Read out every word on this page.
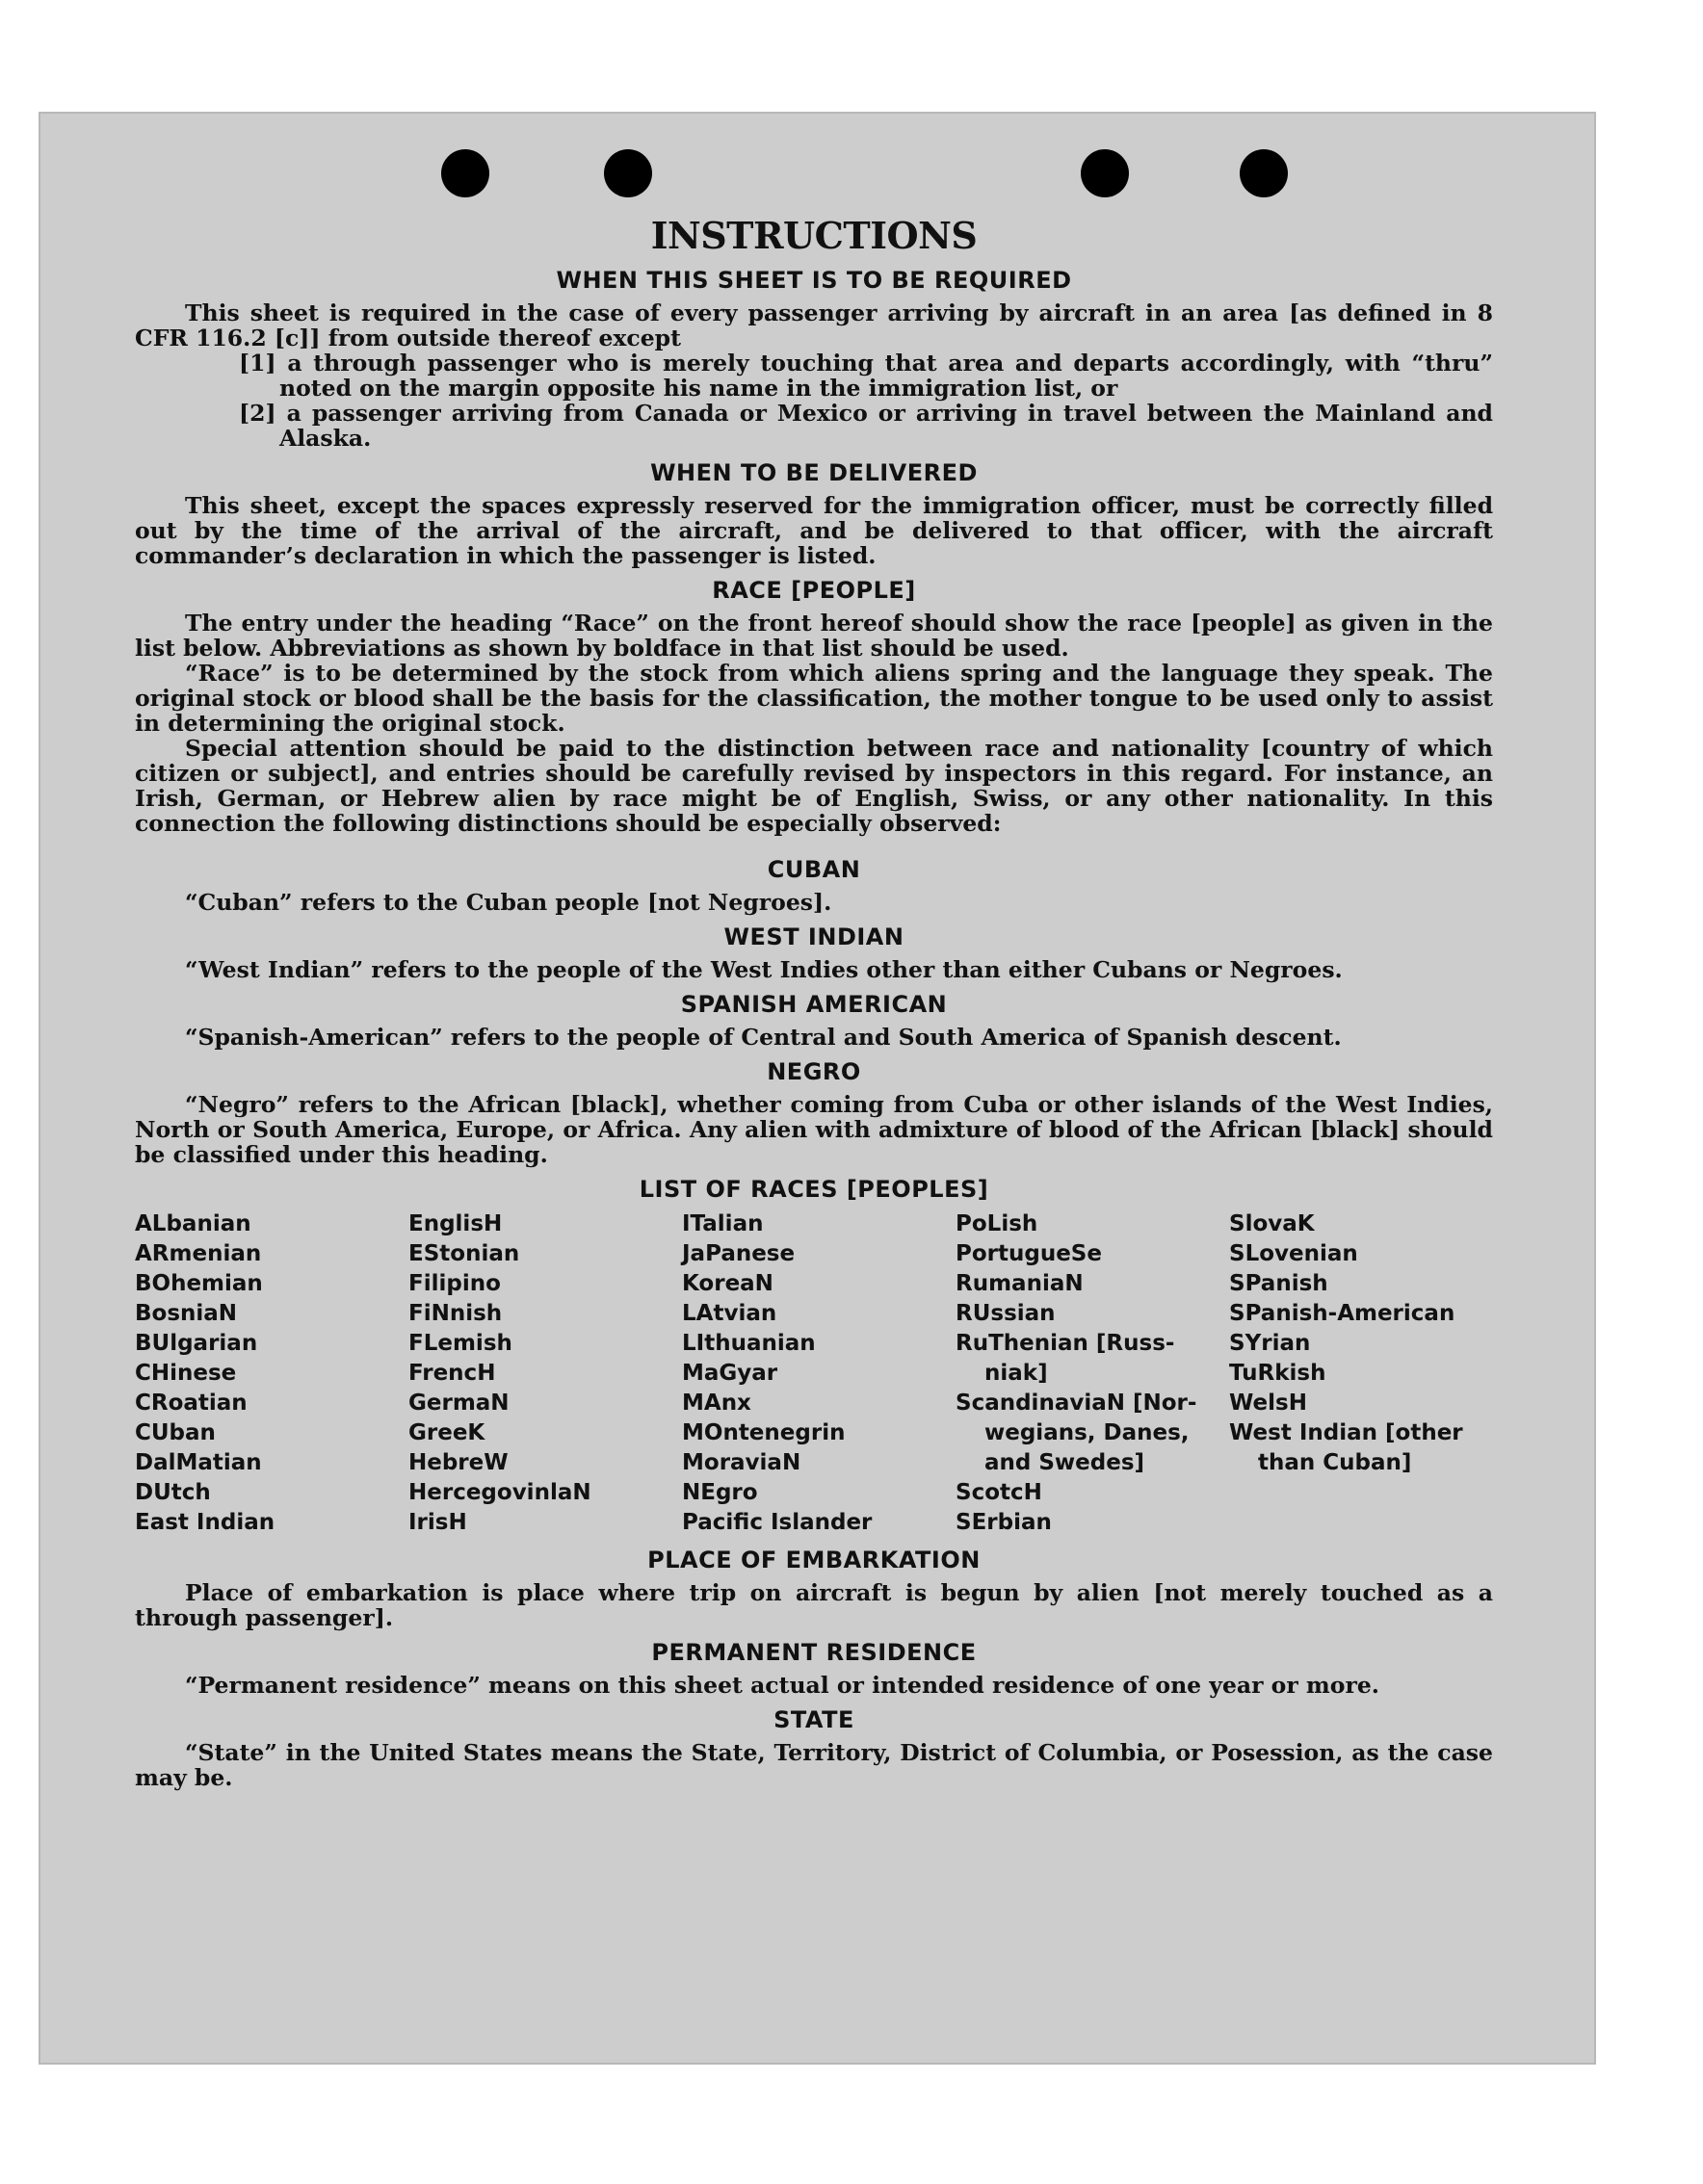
INSTRUCTIONS
WHEN THIS SHEET IS TO BE REQUIRED

This sheet is required in the case of every passenger arriving by aircraft in an area [as defined in 8 CFR 116.2 [c]] from outside thereof except

[1] a through passenger who is merely touching that area and departs accordingly, with “thru” noted on the margin opposite his name in the immigration list, or
[2] a passenger arriving from Canada or Mexico or arriving in travel between the Mainland and Alaska.
WHEN TO BE DELIVERED

This sheet, except the spaces expressly reserved for the immigration officer, must be correctly filled out by the time of the arrival of the aircraft, and be delivered to that officer, with the aircraft commander’s declaration in which the passenger is listed.

RACE [PEOPLE]

The entry under the heading “Race” on the front hereof should show the race [people] as given in the list below. Abbreviations as shown by boldface in that list should be used.

“Race” is to be determined by the stock from which aliens spring and the language they speak. The original stock or blood shall be the basis for the classification, the mother tongue to be used only to assist in determining the original stock.

Special attention should be paid to the distinction between race and nationality [country of which citizen or subject], and entries should be carefully revised by inspectors in this regard. For instance, an Irish, German, or Hebrew alien by race might be of English, Swiss, or any other nationality. In this connection the following distinctions should be especially observed:

CUBAN

“Cuban” refers to the Cuban people [not Negroes].

WEST INDIAN

“West Indian” refers to the people of the West Indies other than either Cubans or Negroes.

SPANISH AMERICAN

“Spanish-American” refers to the people of Central and South America of Spanish descent.

NEGRO

“Negro” refers to the African [black], whether coming from Cuba or other islands of the West Indies, North or South America, Europe, or Africa. Any alien with admixture of blood of the African [black] should be classified under this heading.

LIST OF RACES [PEOPLES]
ALbanian
ARmenian
BOhemian
BosniaN
BUlgarian
CHinese
CRoatian
CUban
DalMatian
DUtch
East Indian
EnglisH
EStonian
Filipino
FiNnish
FLemish
FrencH
GermaN
GreeK
HebreW
HercegovinlaN
IrisH
ITalian
JaPanese
KoreaN
LAtvian
LIthuanian
MaGyar
MAnx
MOntenegrin
MoraviaN
NEgro
Pacific Islander
PoLish
PortugueSe
RumaniaN
RUssian
RuThenian [Russ-
niak]
ScandinaviaN [Nor-
wegians, Danes,
and Swedes]
ScotcH
SErbian
SlovaK
SLovenian
SPanish
SPanish-American
SYrian
TuRkish
WelsH
West Indian [other
than Cuban]
PLACE OF EMBARKATION

Place of embarkation is place where trip on aircraft is begun by alien [not merely touched as a through passenger].

PERMANENT RESIDENCE

“Permanent residence” means on this sheet actual or intended residence of one year or more.

STATE

“State” in the United States means the State, Territory, District of Columbia, or Posession, as the case may be.
